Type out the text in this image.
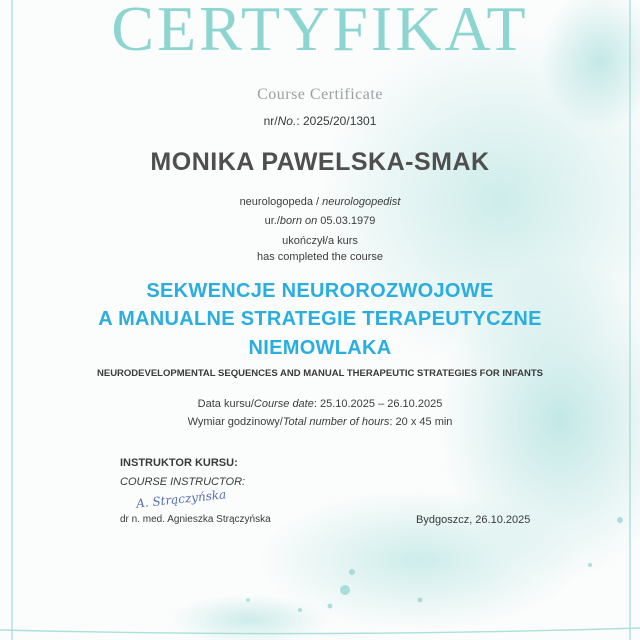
CERTYFIKAT
Course Certificate
nr/No.: 2025/20/1301
MONIKA PAWELSKA-SMAK
neurologopeda / neurologopedist
ur./born on 05.03.1979
ukończył/a kurs
has completed the course
SEKWENCJE NEUROROZWOJOWE
A MANUALNE STRATEGIE TERAPEUTYCZNE
NIEMOWLAKA
NEURODEVELOPMENTAL SEQUENCES AND MANUAL THERAPEUTIC STRATEGIES FOR INFANTS
Data kursu/Course date: 25.10.2025 – 26.10.2025
Wymiar godzinowy/Total number of hours: 20 x 45 min
INSTRUKTOR KURSU:
COURSE INSTRUCTOR:
A. Strączyńska
dr n. med. Agnieszka Strączyńska	Bydgoszcz, 26.10.2025
